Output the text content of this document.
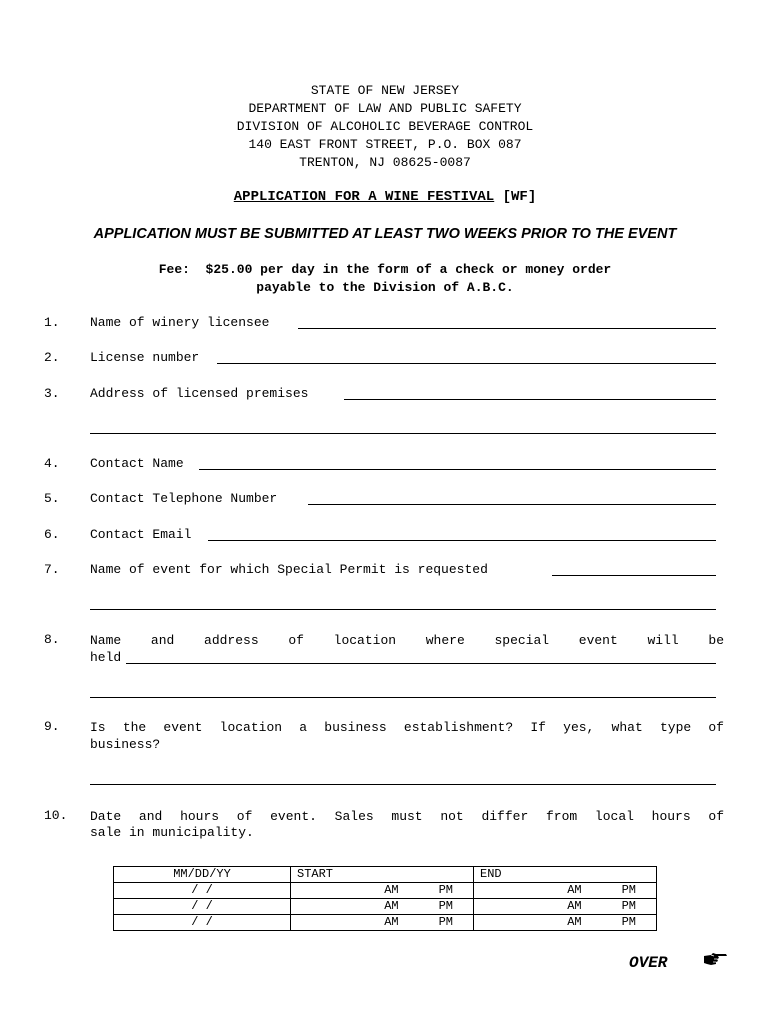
STATE OF NEW JERSEY
DEPARTMENT OF LAW AND PUBLIC SAFETY
DIVISION OF ALCOHOLIC BEVERAGE CONTROL
140 EAST FRONT STREET, P.O. BOX 087
TRENTON, NJ 08625-0087
APPLICATION FOR A WINE FESTIVAL [WF]
APPLICATION MUST BE SUBMITTED AT LEAST TWO WEEKS PRIOR TO THE EVENT
Fee:  $25.00 per day in the form of a check or money order
payable to the Division of A.B.C.
1. Name of winery licensee
2. License number
3. Address of licensed premises
4. Contact Name
5. Contact Telephone Number
6. Contact Email
7. Name of event for which Special Permit is requested
8. Name and address of location where special event will be
held
9. Is the event location a business establishment? If yes, what type of
business?
10. Date and hours of event. Sales must not differ from local hours of
sale in municipality.
MM/DD/YY	START	END
/ /	AM PM	AM PM

/ /	AM PM	AM PM

/ /	AM PM	AM PM
OVER
